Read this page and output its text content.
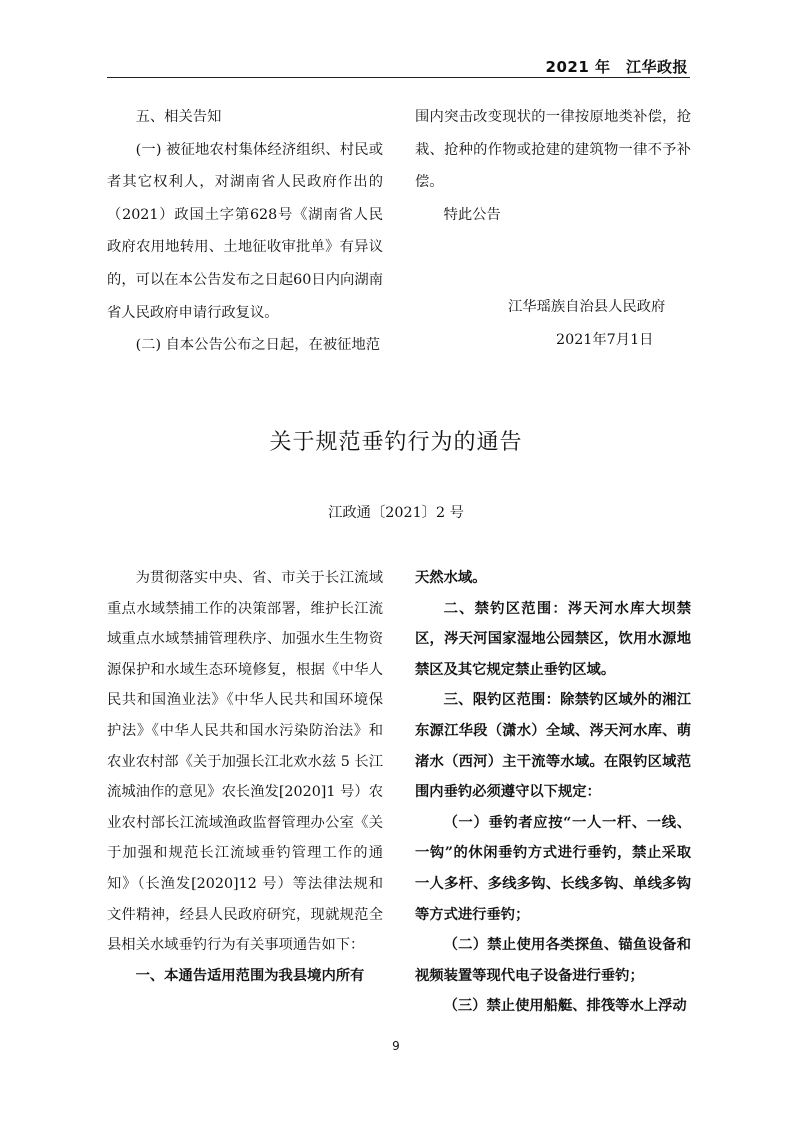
2021 年　江华政报

五、相关告知

(一) 被征地农村集体经济组织、村民或者其它权利人，对湖南省人民政府作出的（2021）政国土字第628号《湖南省人民政府农用地转用、土地征收审批单》有异议的，可以在本公告发布之日起60日内向湖南省人民政府申请行政复议。

(二) 自本公告公布之日起，在被征地范

围内突击改变现状的一律按原地类补偿，抢栽、抢种的作物或抢建的建筑物一律不予补偿。

特此公告

江华瑶族自治县人民政府
2021年7月1日
关于规范垂钓行为的通告
江政通〔2021〕2 号

为贯彻落实中央、省、市关于长江流域重点水域禁捕工作的决策部署，维护长江流域重点水域禁捕管理秩序、加强水生生物资源保护和水域生态环境修复，根据《中华人民共和国渔业法》《中华人民共和国环境保护法》《中华人民共和国水污染防治法》和农业农村部《关于加强长江北欢水兹 5 长江流城油作的意见》农长渔发[2020]1 号）农业农村部长江流域渔政监督管理办公室《关于加强和规范长江流域垂钓管理工作的通知》（长渔发[2020]12 号）等法律法规和文件精神，经县人民政府研究，现就规范全县相关水域垂钓行为有关事项通告如下：

一、本通告适用范围为我县境内所有

天然水域。

二、禁钓区范围：涔天河水库大坝禁区，涔天河国家湿地公园禁区，饮用水源地禁区及其它规定禁止垂钓区域。

三、限钓区范围：除禁钓区域外的湘江东源江华段（潇水）全域、涔天河水库、萌渚水（西河）主干流等水域。在限钓区域范围内垂钓必须遵守以下规定：

（一）垂钓者应按“一人一杆、一线、一钩”的休闲垂钓方式进行垂钓，禁止采取一人多杆、多线多钩、长线多钩、单线多钩等方式进行垂钓；

（二）禁止使用各类探鱼、锚鱼设备和视频装置等现代电子设备进行垂钓；

（三）禁止使用船艇、排筏等水上浮动

9
